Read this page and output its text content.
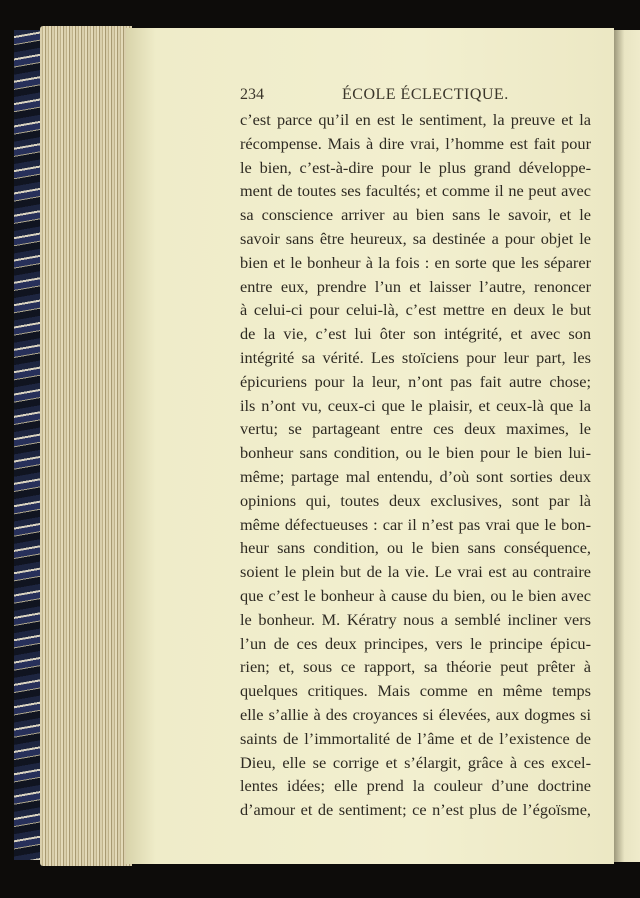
234	ÉCOLE ÉCLECTIQUE.
c’est parce qu’il en est le sentiment, la preuve et la
récompense. Mais à dire vrai, l’homme est fait pour
le bien, c’est-à-dire pour le plus grand développe-
ment de toutes ses facultés; et comme il ne peut avec
sa conscience arriver au bien sans le savoir, et le
savoir sans être heureux, sa destinée a pour objet le
bien et le bonheur à la fois : en sorte que les séparer
entre eux, prendre l’un et laisser l’autre, renoncer
à celui-ci pour celui-là, c’est mettre en deux le but
de la vie, c’est lui ôter son intégrité, et avec son
intégrité sa vérité. Les stoïciens pour leur part, les
épicuriens pour la leur, n’ont pas fait autre chose;
ils n’ont vu, ceux-ci que le plaisir, et ceux-là que la
vertu; se partageant entre ces deux maximes, le
bonheur sans condition, ou le bien pour le bien lui-
même; partage mal entendu, d’où sont sorties deux
opinions qui, toutes deux exclusives, sont par là
même défectueuses : car il n’est pas vrai que le bon-
heur sans condition, ou le bien sans conséquence,
soient le plein but de la vie. Le vrai est au contraire
que c’est le bonheur à cause du bien, ou le bien avec
le bonheur. M. Kératry nous a semblé incliner vers
l’un de ces deux principes, vers le principe épicu-
rien; et, sous ce rapport, sa théorie peut prêter à
quelques critiques. Mais comme en même temps
elle s’allie à des croyances si élevées, aux dogmes si
saints de l’immortalité de l’âme et de l’existence de
Dieu, elle se corrige et s’élargit, grâce à ces excel-
lentes idées; elle prend la couleur d’une doctrine
d’amour et de sentiment; ce n’est plus de l’égoïsme,
